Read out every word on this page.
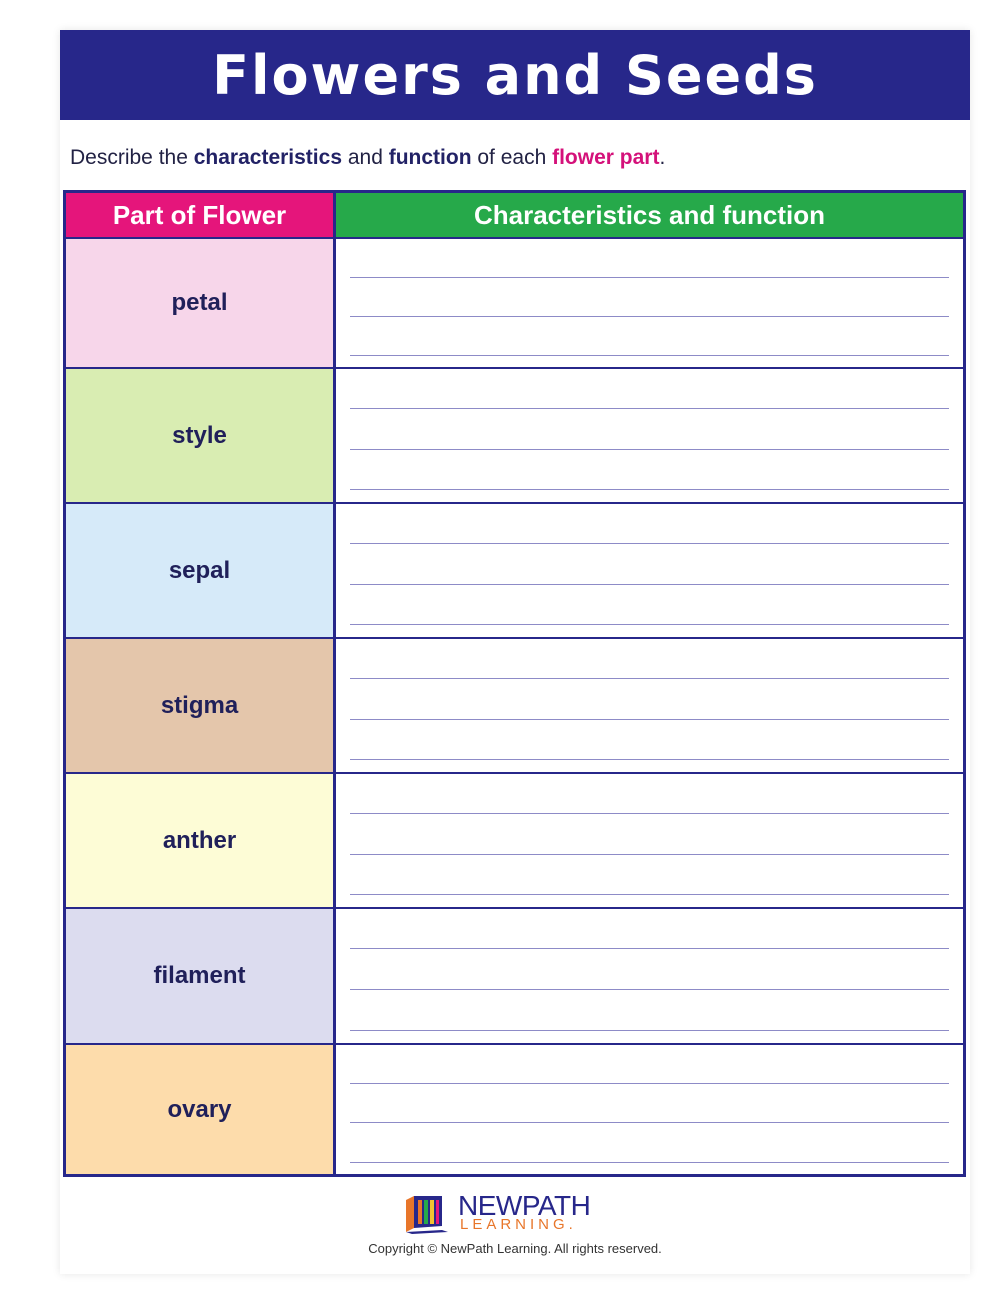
Flowers and Seeds
Describe the characteristics and function of each flower part.
Part of Flower	Characteristics and function
petal
style
sepal
stigma
anther
filament
ovary
NEWPATH
LEARNING.
Copyright © NewPath Learning. All rights reserved.
